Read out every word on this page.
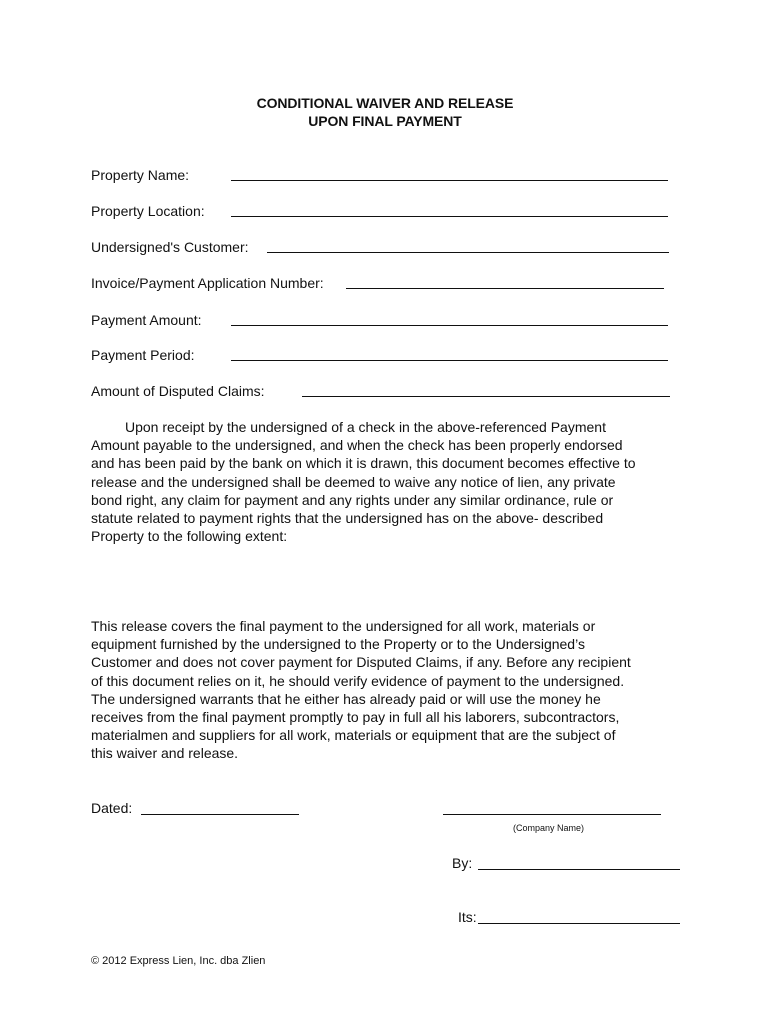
CONDITIONAL WAIVER AND RELEASE
UPON FINAL PAYMENT
Property Name:
Property Location:
Undersigned's Customer:
Invoice/Payment Application Number:
Payment Amount:
Payment Period:
Amount of Disputed Claims:
Upon receipt by the undersigned of a check in the above-referenced Payment
Amount payable to the undersigned, and when the check has been properly endorsed
and has been paid by the bank on which it is drawn, this document becomes effective to
release and the undersigned shall be deemed to waive any notice of lien, any private
bond right, any claim for payment and any rights under any similar ordinance, rule or
statute related to payment rights that the undersigned has on the above- described
Property to the following extent:
This release covers the final payment to the undersigned for all work, materials or
equipment furnished by the undersigned to the Property or to the Undersigned’s
Customer and does not cover payment for Disputed Claims, if any. Before any recipient
of this document relies on it, he should verify evidence of payment to the undersigned.
The undersigned warrants that he either has already paid or will use the money he
receives from the final payment promptly to pay in full all his laborers, subcontractors,
materialmen and suppliers for all work, materials or equipment that are the subject of
this waiver and release.
Dated:
(Company Name)
By:
Its:
© 2012 Express Lien, Inc. dba Zlien
